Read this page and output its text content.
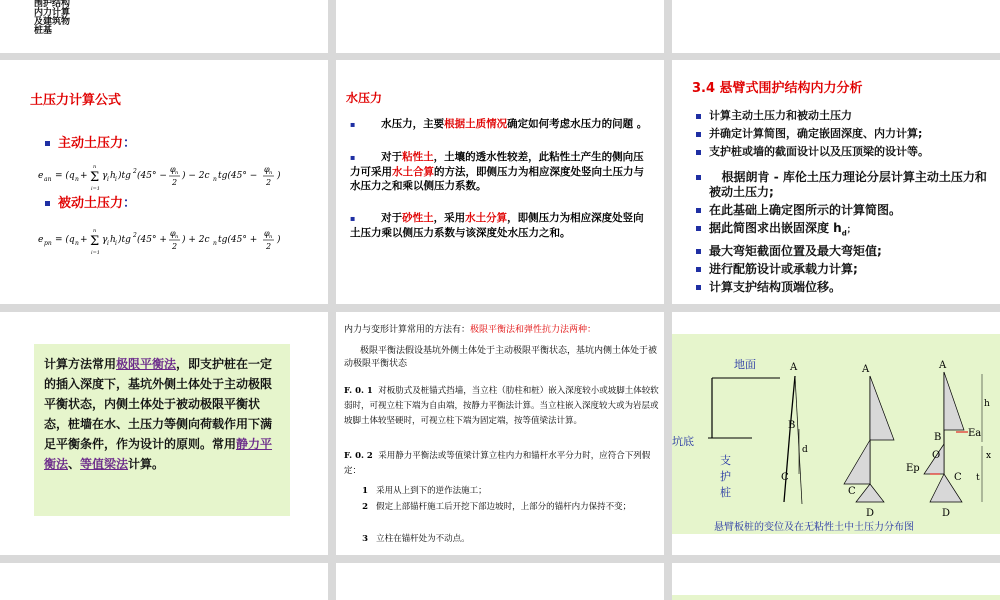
围护结构内力计算及建筑物桩基
土压力计算公式
主动土压力：
e an = (q n + Σ
n
i=1
γ i h i )tg 2 (45° −
φ n
2
) − 2c n tg(45° −
φ n
2
)
被动土压力：
e pn = (q n + Σ
n
i=1
γ i h i )tg 2 (45° +
φ n
2
) + 2c n tg(45° +
φ n
2
)
水压力
▪ 水压力，主要根据土质情况确定如何考虑水压力的问题 。
▪ 对于粘性土，土壤的透水性较差，此粘性土产生的侧向压力可采用水土合算的方法，即侧压力为相应深度处竖向土压力与水压力之和乘以侧压力系数。
▪ 对于砂性土，采用水土分算，即侧压力为相应深度处竖向土压力乘以侧压力系数与该深度处水压力之和。
3.4 悬臂式围护结构内力分析
计算主动土压力和被动土压力
并确定计算简图，确定嵌固深度、内力计算;
支护桩或墙的截面设计以及压顶梁的设计等。
根据朗肯 - 库伦土压力理论分层计算主动土压力和被动土压力;
在此基础上确定图所示的计算简图。
据此简图求出嵌固深度 $h_d$；
最大弯矩截面位置及最大弯矩值;
进行配筋设计或承载力计算;
计算支护结构顶端位移。
计算方法常用极限平衡法，即支护桩在一定的插入深度下，基坑外侧土体处于主动极限平衡状态，内侧土体处于被动极限平衡状态，桩墙在水、土压力等侧向荷载作用下满足平衡条件，作为设计的原则。常用静力平衡法、等值梁法计算。
内力与变形计算常用的方法有：极限平衡法和弹性抗力法两种：
极限平衡法假设基坑外侧土体处于主动极限平衡状态，基坑内侧土体处于被动极限平衡状态
F. 0. 1 对板肋式及桩锚式挡墙，当立柱（肋柱和桩）嵌入深度较小或坡脚土体较软弱时，可视立柱下端为自由端，按静力平衡法计算。当立柱嵌入深度较大或为岩层或坡脚土体较坚硬时，可视立柱下端为固定端，按等值梁法计算。
F. 0. 2 采用静力平衡法或等值梁计算立柱内力和锚杆水平分力时，应符合下列假定：
1 采用从上到下的逆作法施工；
2 假定上部锚杆施工后开挖下部边坡时，上部分的锚杆内力保持不变；
3 立柱在锚杆处为不动点。
地面
坑底
支
护
桩
A
B
C
d
A
C
D
A
B
O
C
D
Ea
Ep
h
t
x
悬臂板桩的变位及在无粘性土中土压力分布图
